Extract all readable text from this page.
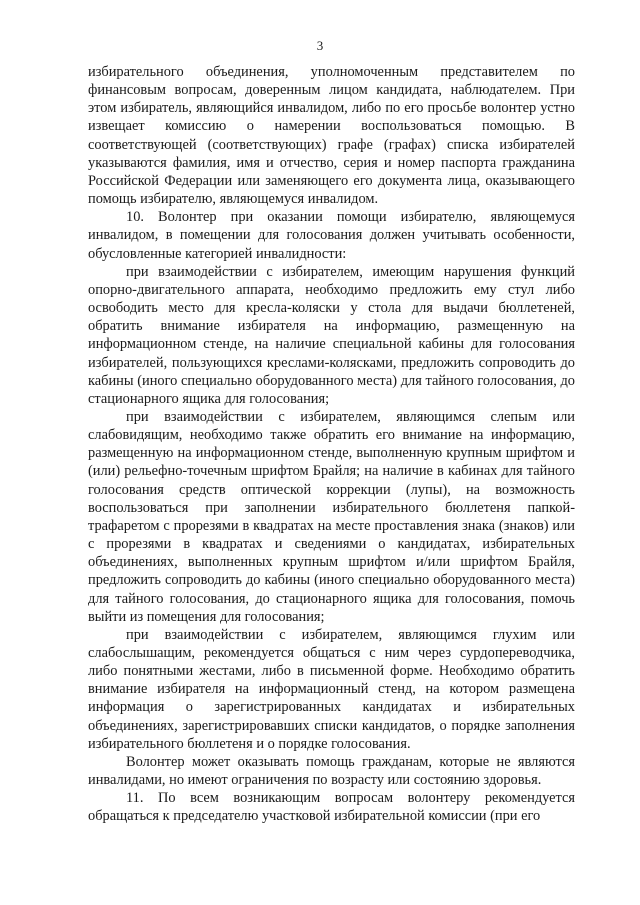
3

избирательного объединения, уполномоченным представителем по финансовым вопросам, доверенным лицом кандидата, наблюдателем. При этом избиратель, являющийся инвалидом, либо по его просьбе волонтер устно извещает комиссию о намерении воспользоваться помощью. В соответствующей (соответствующих) графе (графах) списка избирателей указываются фамилия, имя и отчество, серия и номер паспорта гражданина Российской Федерации или заменяющего его документа лица, оказывающего помощь избирателю, являющемуся инвалидом.

10. Волонтер при оказании помощи избирателю, являющемуся инвалидом, в помещении для голосования должен учитывать особенности, обусловленные категорией инвалидности:

при взаимодействии с избирателем, имеющим нарушения функций опорно-двигательного аппарата, необходимо предложить ему стул либо освободить место для кресла-коляски у стола для выдачи бюллетеней, обратить внимание избирателя на информацию, размещенную на информационном стенде, на наличие специальной кабины для голосования избирателей, пользующихся креслами-колясками, предложить сопроводить до кабины (иного специально оборудованного места) для тайного голосования, до стационарного ящика для голосования;

при взаимодействии с избирателем, являющимся слепым или слабовидящим, необходимо также обратить его внимание на информацию, размещенную на информационном стенде, выполненную крупным шрифтом и (или) рельефно-точечным шрифтом Брайля; на наличие в кабинах для тайного голосования средств оптической коррекции (лупы), на возможность воспользоваться при заполнении избирательного бюллетеня папкой-трафаретом с прорезями в квадратах на месте проставления знака (знаков) или с прорезями в квадратах и сведениями о кандидатах, избирательных объединениях, выполненных крупным шрифтом и/или шрифтом Брайля, предложить сопроводить до кабины (иного специально оборудованного места) для тайного голосования, до стационарного ящика для голосования, помочь выйти из помещения для голосования;

при взаимодействии с избирателем, являющимся глухим или слабослышащим, рекомендуется общаться с ним через сурдопереводчика, либо понятными жестами, либо в письменной форме. Необходимо обратить внимание избирателя на информационный стенд, на котором размещена информация о зарегистрированных кандидатах и избирательных объединениях, зарегистрировавших списки кандидатов, о порядке заполнения избирательного бюллетеня и о порядке голосования.

Волонтер может оказывать помощь гражданам, которые не являются инвалидами, но имеют ограничения по возрасту или состоянию здоровья.

11. По всем возникающим вопросам волонтеру рекомендуется обращаться к председателю участковой избирательной комиссии (при его
